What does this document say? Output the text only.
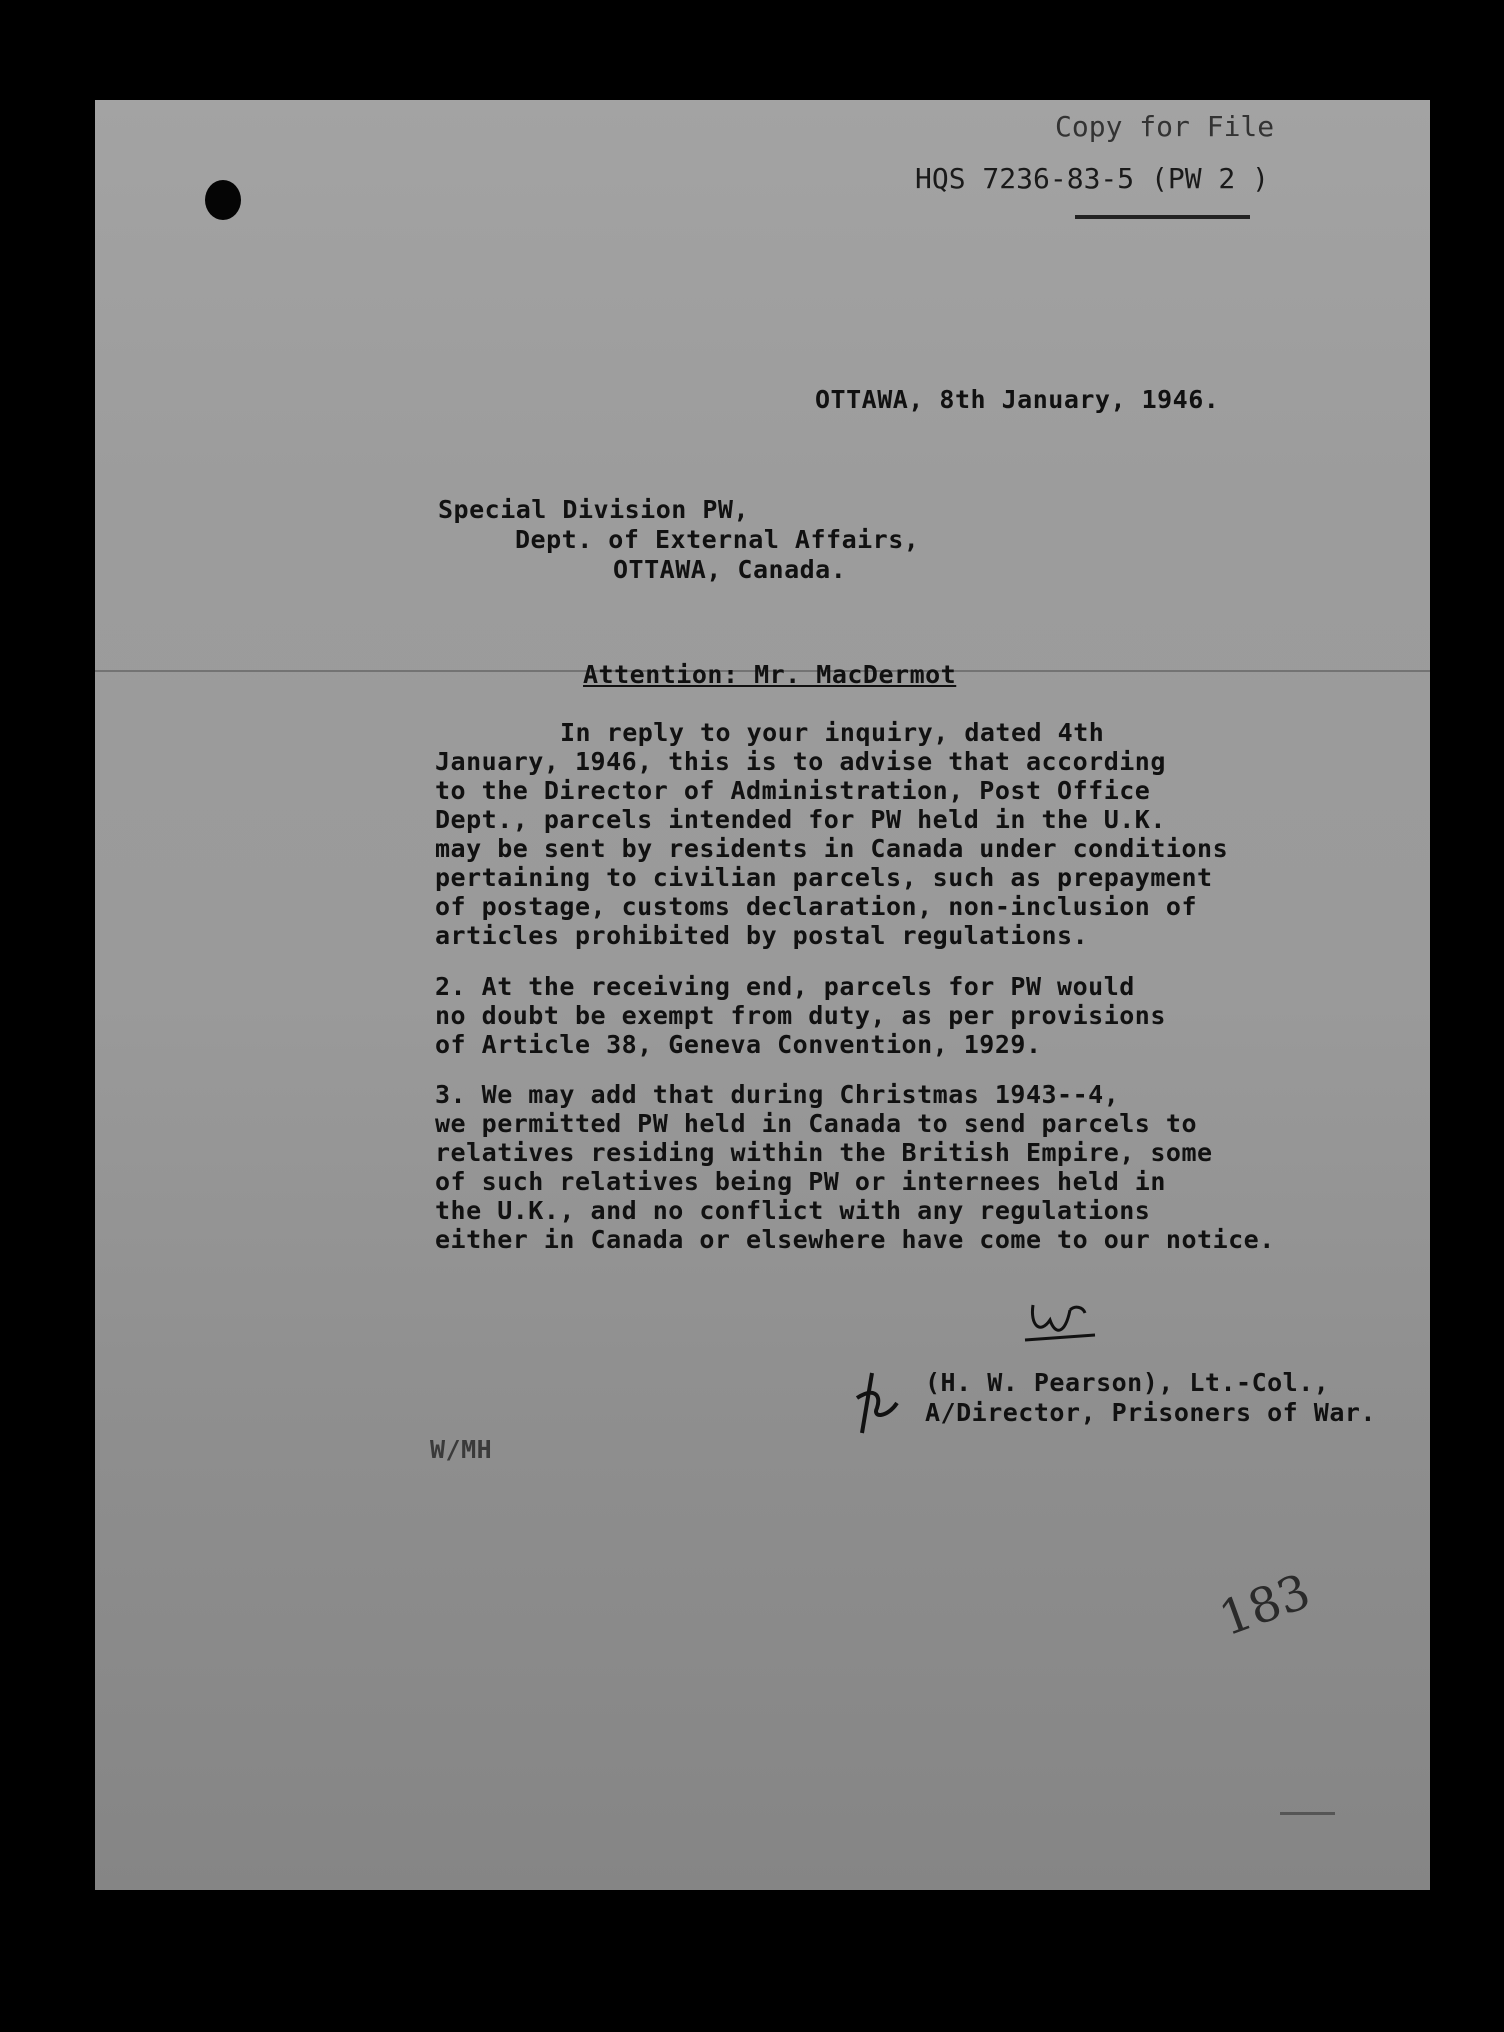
Copy for File
HQS 7236-83-5 (PW 2 )
OTTAWA, 8th January, 1946.
Special Division PW,
Dept. of External Affairs,
OTTAWA, Canada.
Attention: Mr. MacDermot
In reply to your inquiry, dated 4th
January, 1946, this is to advise that according
to the Director of Administration, Post Office
Dept., parcels intended for PW held in the U.K.
may be sent by residents in Canada under conditions
pertaining to civilian parcels, such as prepayment
of postage, customs declaration, non-inclusion of
articles prohibited by postal regulations.
2. At the receiving end, parcels for PW would
no doubt be exempt from duty, as per provisions
of Article 38, Geneva Convention, 1929.
3. We may add that during Christmas 1943--4,
we permitted PW held in Canada to send parcels to
relatives residing within the British Empire, some
of such relatives being PW or internees held in
the U.K., and no conflict with any regulations
either in Canada or elsewhere have come to our notice.
(H. W. Pearson), Lt.-Col.,
A/Director, Prisoners of War.
W/MH
183
